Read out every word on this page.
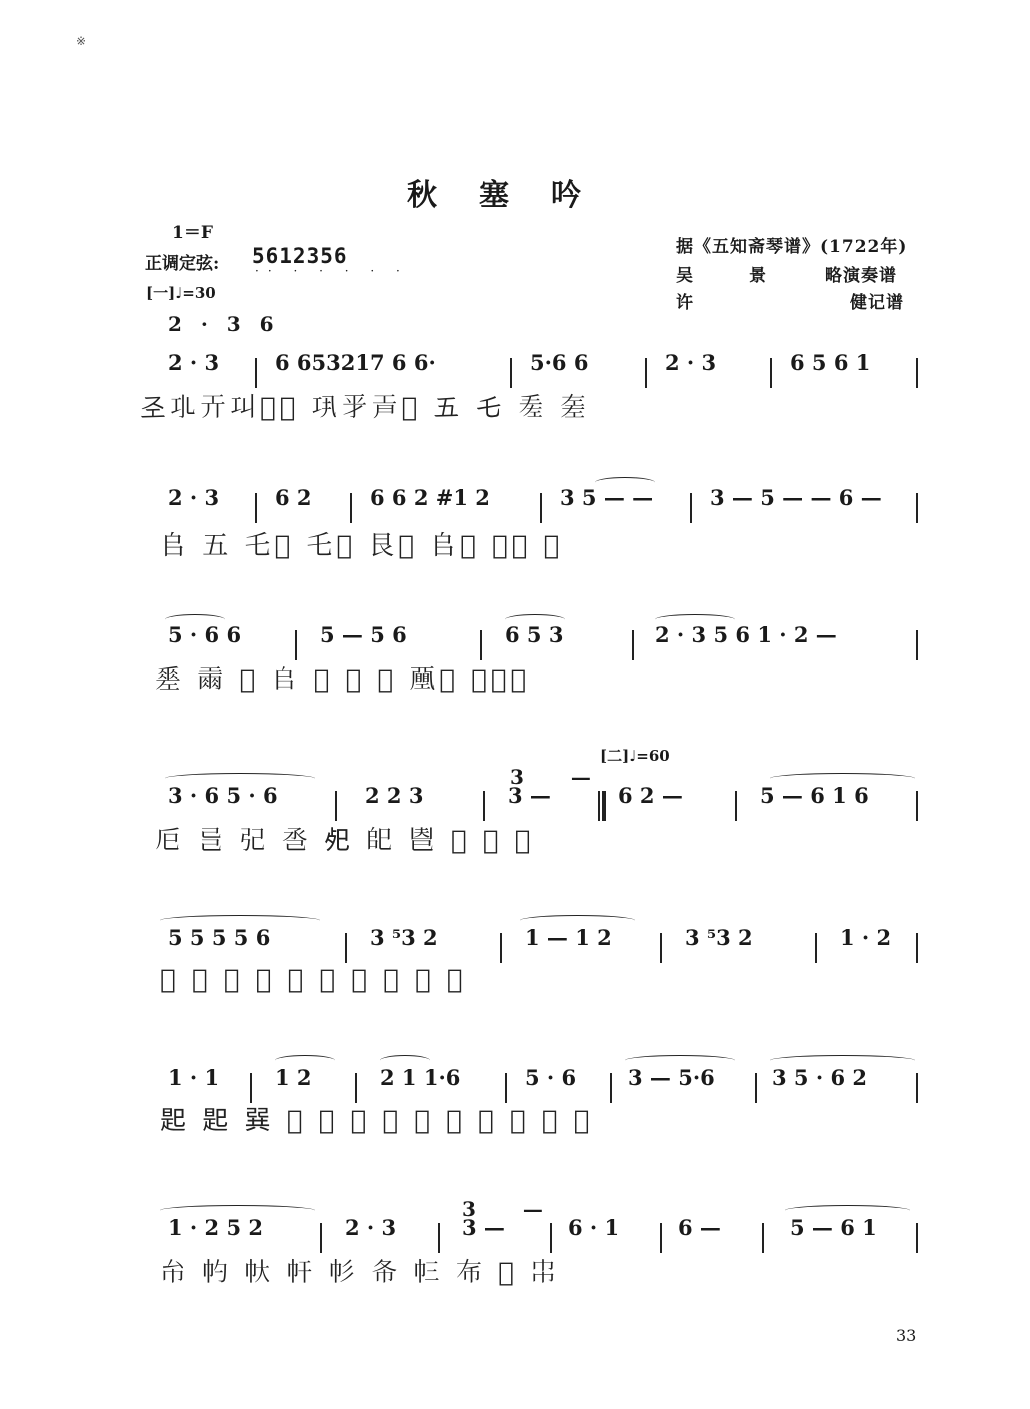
※
秋塞吟
1＝F
正调定弦: 5612356
·· · · · · ·
[一]♩=30
据《五知斋琴谱》(1722年)
吴景 略演奏谱
许	健记谱
2 · 3 6
2 · 3	6 653217 6 6·	5·6 6	2 · 3	6 5 6 1
𢀖𢀗𢀘𢀙𢀚𢀛 𢀜𢀝𢀞𢀟 五 乇 𢀠 𢀡
2 · 3	6 2	6 6 2 #1 2	3 5 — —	3 — 5 — — 6 —
𠂤 五 乇𢀢 乇𢀣 艮𢀤 𠂤𢀥 𢀦𢀧 𢀨
5 · 6 6	5 — 5 6	6 5 3	2 · 3 5 6 1 · 2 —
𢀩 𢀪 𢀫 𠂤 𢀬 𢀭 𢀮 𢀯𢀰 𢀱𢀲𢀳
[二]♩=60
3 —
3 · 6 5 · 6	2 2 3	3 —	6 2 —	5 — 6 1 6
𢀴 𢀵 𢀶 𢀷 𢀸 𢀹 𢀺 𢀻 𢀼 𢀽
5 5 5 5 6	3 ⁵3 2	1 — 1 2	3 ⁵3 2	1 · 2
𢀾 𢀿 𢁀 𢁁 𢁂 𢁃 𢁄 𢁅 𢁆 𢁇
1 · 1	1 2	2 1 1·6	5 · 6 3 — 5·6	3 5 · 6 2
𢁈 𢁈 𢁉 𢁊 𢁋 𢁌 𢁍 𢁎 𢁏 𢁐 𢁑 𢁒 𢁓
3 —
1 · 2 5 2	2 · 3	3 —	6 · 1	6 —	5 — 6 1
𢁔 𢁕 𢁖 𢁗 𢁘 𢁙 𢁚 𢁛 𢁜 𢁝
33
